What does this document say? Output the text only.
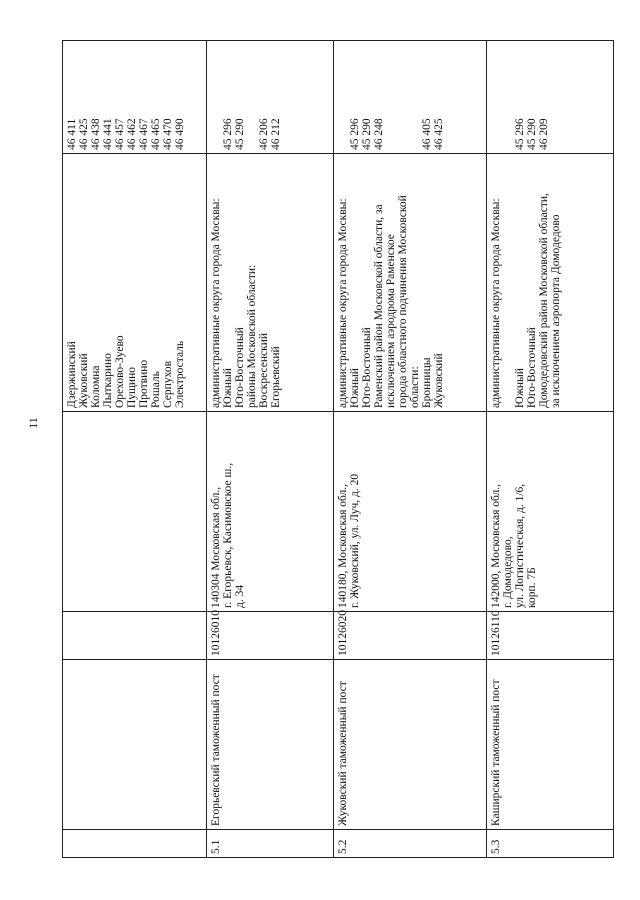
11
Дзержинский Жуковский Коломна Лыткарино Орехово-Зуево Пущино Протвино Рошаль Серпухов Электросталь
46 411 46 425 46 438 46 441 46 457 46 462 46 467 46 465 46 470 46 490
5.1
Егорьевский таможенный пост
10126010
140304 Московская обл., г. Егорьевск, Касимовское ш., д. 34
административные округа города Москвы: Южный Юго-Восточный районы Московской области: Воскресенский Егорьевский
45 296 45 290 46 206 46 212
5.2
Жуковский таможенный пост
10126020
140180, Московская обл., г. Жуковский, ул. Луч, д. 20
административные округа города Москвы: Южный Юго-Восточный Раменский район Московской области, за исключением аэродрома Раменское города областного подчинения Московской области: Бронницы Жуковский
45 296 45 290 46 248	46 405 46 425
5.3
Каширский таможенный пост
10126110
142000, Московская обл., г. Домодедово, ул. Логистическая, д. 1/6, корп. 7Б
административные округа города Москвы: Южный Юго-Восточный Домодедовский район Московской области, за исключением аэропорта Домодедово
45 296 45 290 46 209
